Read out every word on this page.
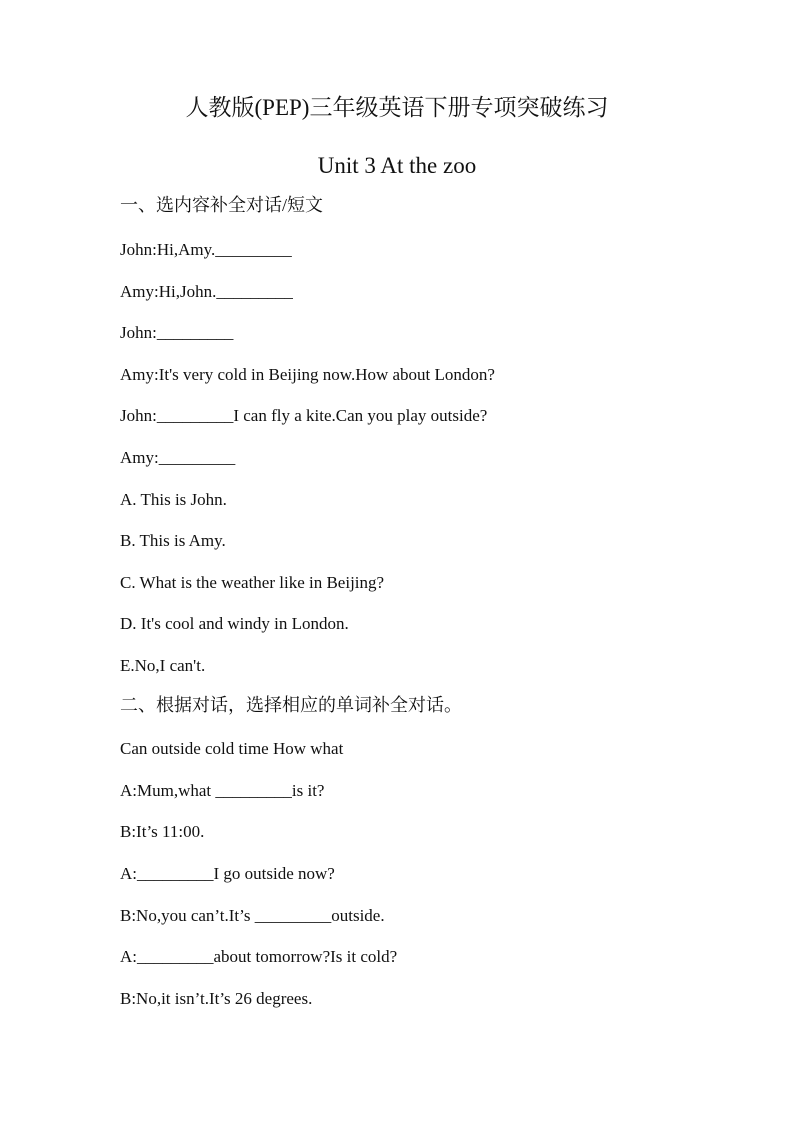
人教版(PEP)三年级英语下册专项突破练习
Unit 3 At the zoo
一、选内容补全对话/短文
John:Hi,Amy._________
Amy:Hi,John._________
John:_________
Amy:It's very cold in Beijing now.How about London?
John:_________I can fly a kite.Can you play outside?
Amy:_________
A. This is John.
B. This is Amy.
C. What is the weather like in Beijing?
D. It's cool and windy in London.
E.No,I can't.
二、根据对话，选择相应的单词补全对话。
Can outside cold time How what
A:Mum,what _________is it?
B:It’s 11:00.
A:_________I go outside now?
B:No,you can’t.It’s _________outside.
A:_________about tomorrow?Is it cold?
B:No,it isn’t.It’s 26 degrees.
